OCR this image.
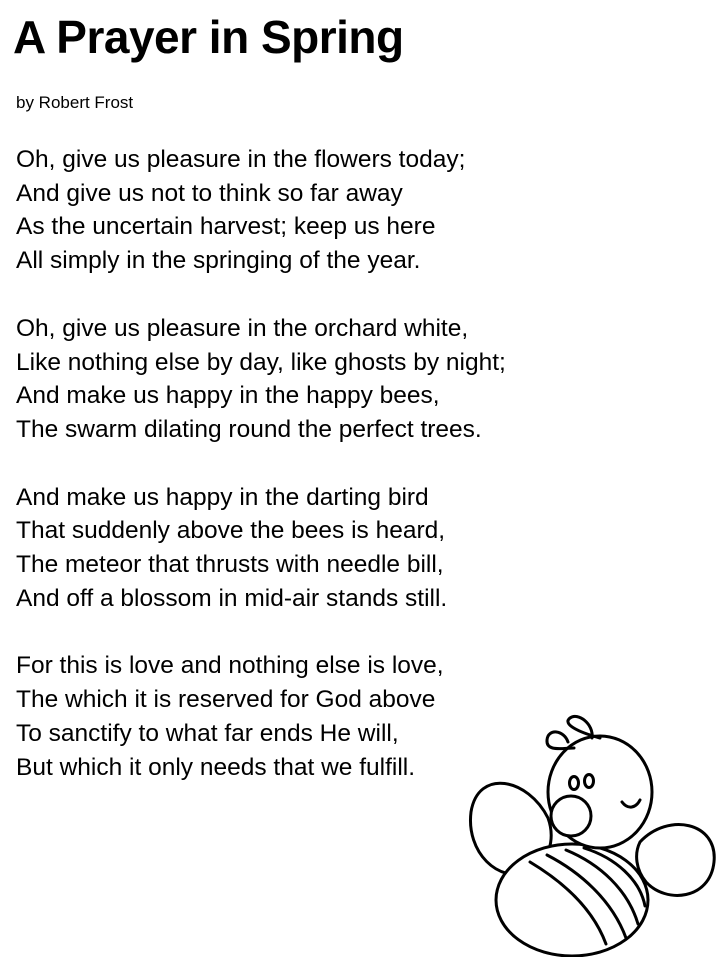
A Prayer in Spring

by Robert Frost

Oh, give us pleasure in the flowers today;
And give us not to think so far away
As the uncertain harvest; keep us here
All simply in the springing of the year.
Oh, give us pleasure in the orchard white,
Like nothing else by day, like ghosts by night;
And make us happy in the happy bees,
The swarm dilating round the perfect trees.
And make us happy in the darting bird
That suddenly above the bees is heard,
The meteor that thrusts with needle bill,
And off a blossom in mid-air stands still.
For this is love and nothing else is love,
The which it is reserved for God above
To sanctify to what far ends He will,
But which it only needs that we fulfill.
